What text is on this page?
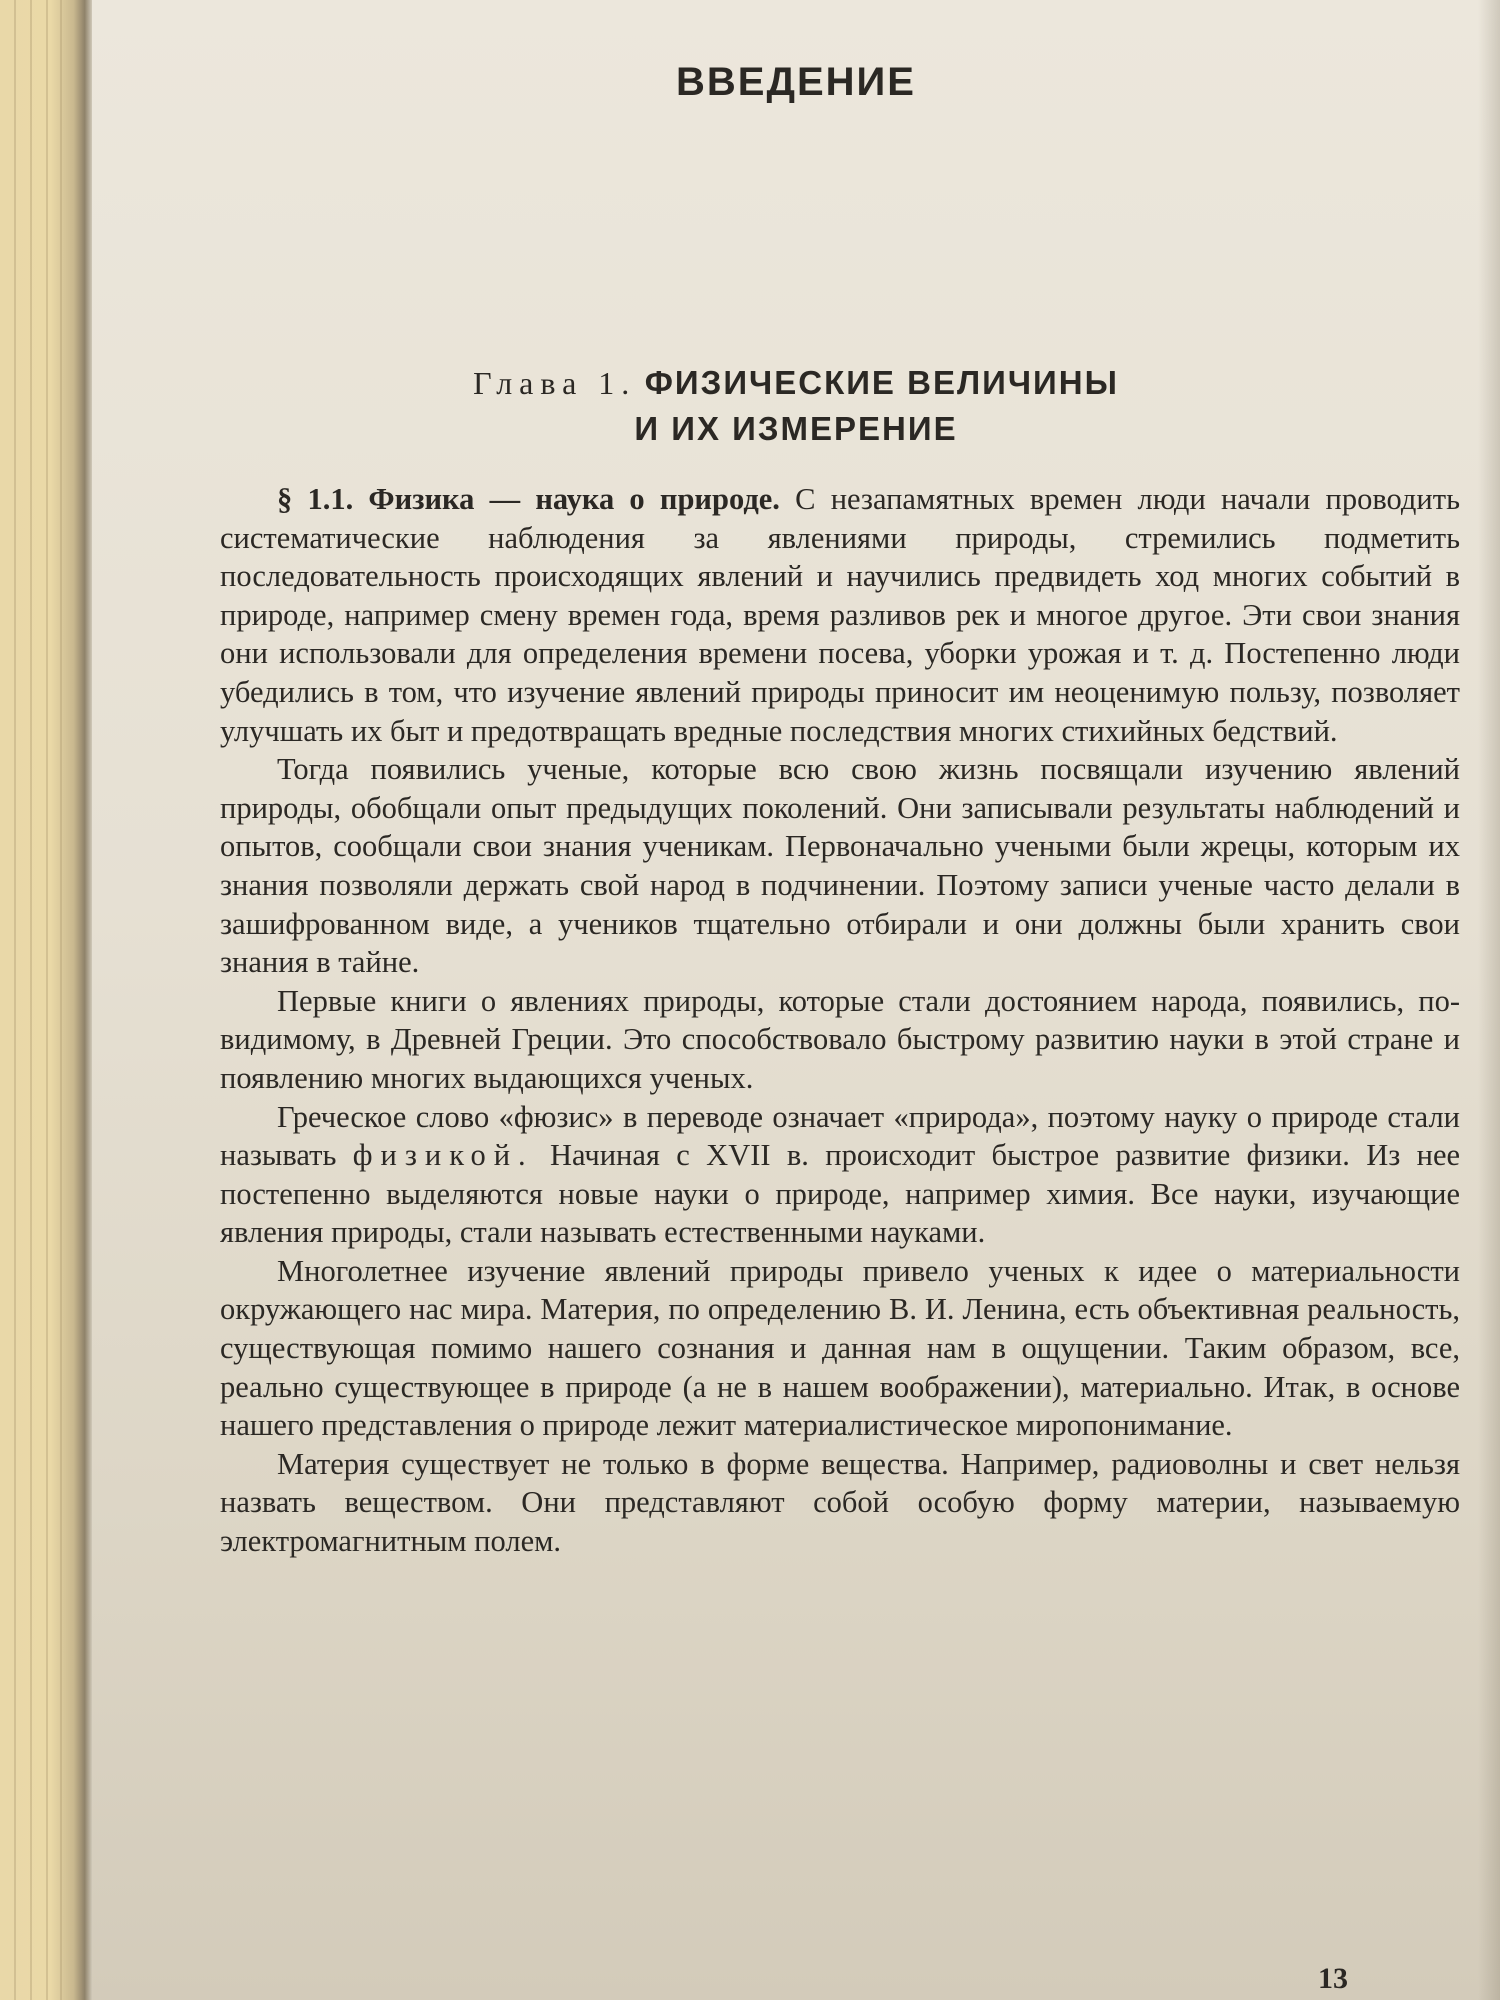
ВВЕДЕНИЕ
Глава 1. ФИЗИЧЕСКИЕ ВЕЛИЧИНЫ
И ИХ ИЗМЕРЕНИЕ

§ 1.1. Физика — наука о природе. С незапамятных времен люди начали проводить систематические наблюдения за явлениями природы, стремились подметить последовательность происходящих явлений и научились предвидеть ход многих событий в природе, например смену времен года, время разливов рек и многое другое. Эти свои знания они использовали для определения времени посева, уборки урожая и т. д. Постепенно люди убедились в том, что изучение явлений природы приносит им неоценимую пользу, позволяет улучшать их быт и предотвращать вредные последствия многих стихийных бедствий.

Тогда появились ученые, которые всю свою жизнь посвящали изучению явлений природы, обобщали опыт предыдущих поколений. Они записывали результаты наблюдений и опытов, сообщали свои знания ученикам. Первоначально учеными были жрецы, которым их знания позволяли держать свой народ в подчинении. Поэтому записи ученые часто делали в зашифрованном виде, а учеников тщательно отбирали и они должны были хранить свои знания в тайне.

Первые книги о явлениях природы, которые стали достоянием народа, появились, по-видимому, в Древней Греции. Это способствовало быстрому развитию науки в этой стране и появлению многих выдающихся ученых.

Греческое слово «фюзис» в переводе означает «природа», поэтому науку о природе стали называть физикой. Начиная с XVII в. происходит быстрое развитие физики. Из нее постепенно выделяются новые науки о природе, например химия. Все науки, изучающие явления природы, стали называть естественными науками.

Многолетнее изучение явлений природы привело ученых к идее о материальности окружающего нас мира. Материя, по определению В. И. Ленина, есть объективная реальность, существующая помимо нашего сознания и данная нам в ощущении. Таким образом, все, реально существующее в природе (а не в нашем воображении), материально. Итак, в основе нашего представления о природе лежит материалистическое миропонимание.

Материя существует не только в форме вещества. Например, радиоволны и свет нельзя назвать веществом. Они представляют собой особую форму материи, называемую электромагнитным полем.

13
